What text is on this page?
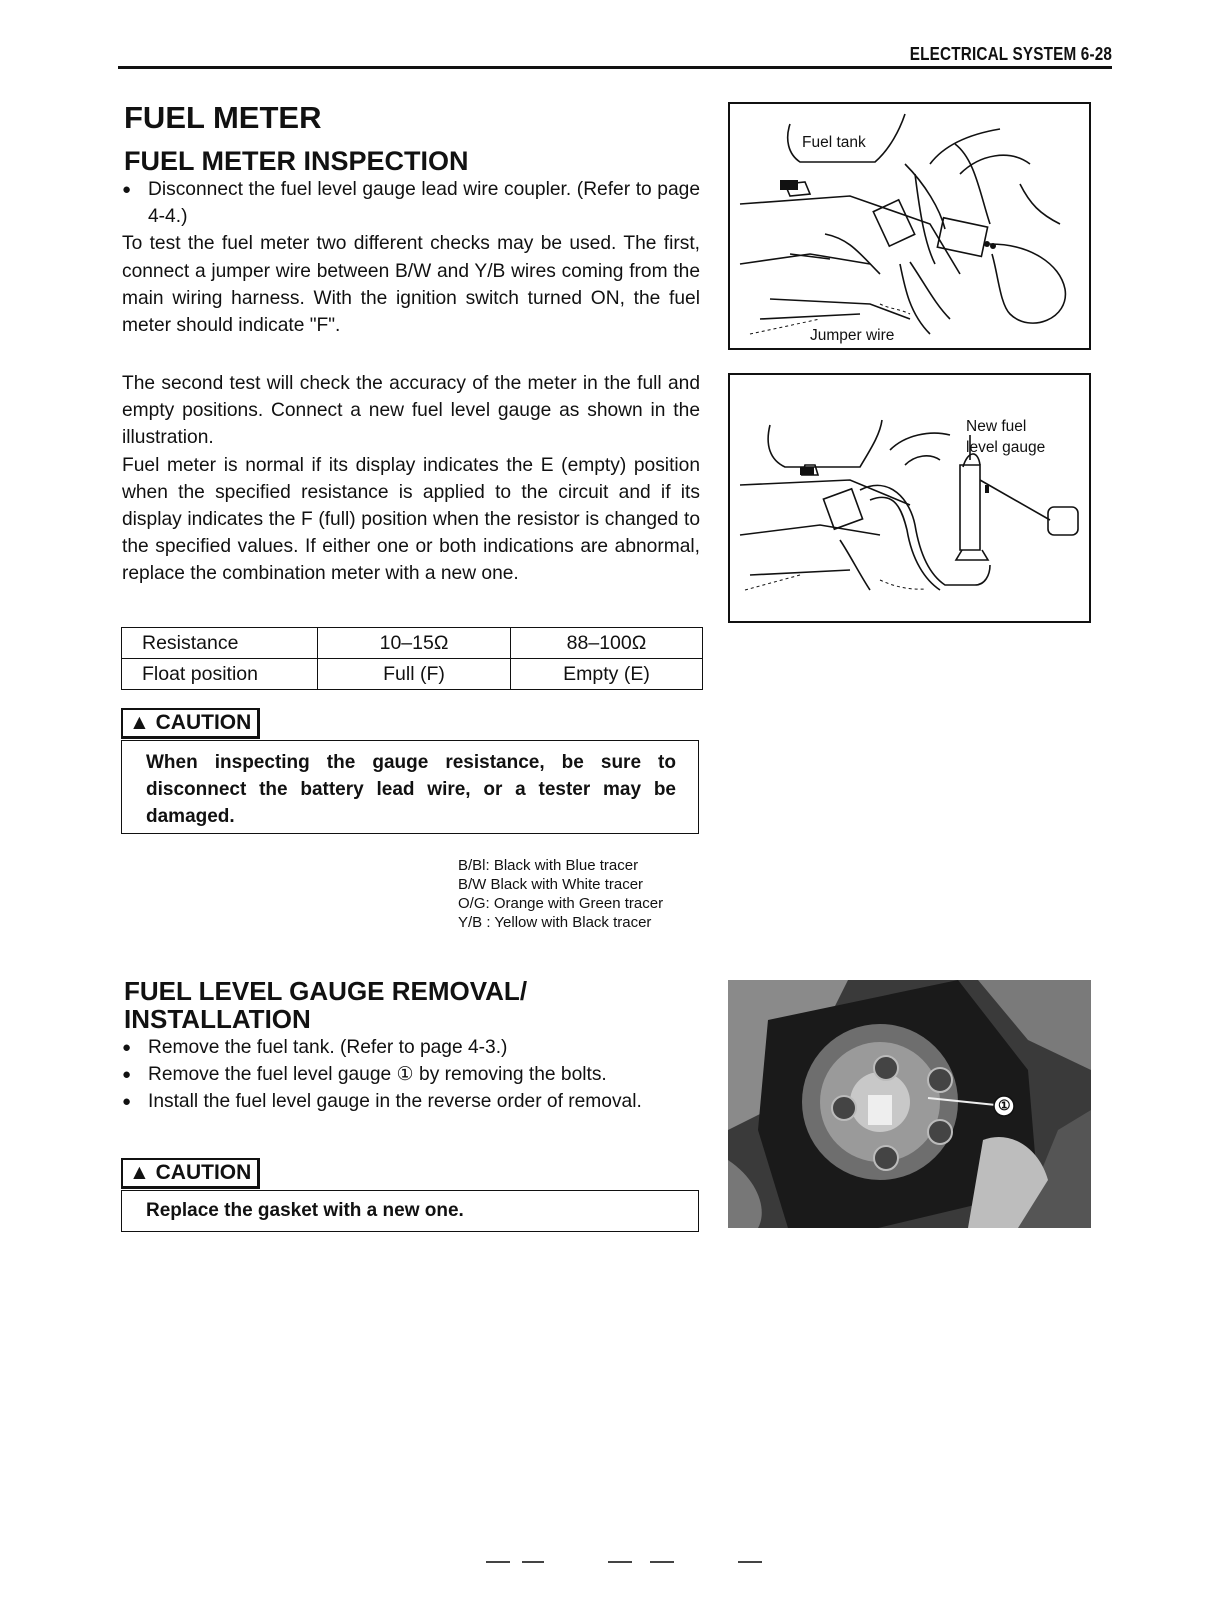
ELECTRICAL SYSTEM 6-28
FUEL METER
FUEL METER INSPECTION
● Disconnect the fuel level gauge lead wire coupler. (Refer to page 4-4.)
To test the fuel meter two different checks may be used. The first, connect a jumper wire between B/W and Y/B wires coming from the main wiring harness. With the ignition switch turned ON, the fuel meter should indicate "F".
The second test will check the accuracy of the meter in the full and empty positions. Connect a new fuel level gauge as shown in the illustration.
Fuel meter is normal if its display indicates the E (empty) position when the specified resistance is applied to the circuit and if its display indicates the F (full) position when the resistor is changed to the specified values. If either one or both indications are abnormal, replace the combination meter with a new one.
Resistance	10–15Ω	88–100Ω
Float position	Full (F)	Empty (E)
▲ CAUTION
When inspecting the gauge resistance, be sure to disconnect the battery lead wire, or a tester may be damaged.
B/Bl: Black with Blue tracer
B/W Black with White tracer
O/G: Orange with Green tracer
Y/B : Yellow with Black tracer
Fuel tank
Jumper wire
New fuel
level gauge
FUEL LEVEL GAUGE REMOVAL/
INSTALLATION
● Remove the fuel tank. (Refer to page 4-3.)
● Remove the fuel level gauge ① by removing the bolts.
● Install the fuel level gauge in the reverse order of removal.
▲ CAUTION
Replace the gasket with a new one.
①
